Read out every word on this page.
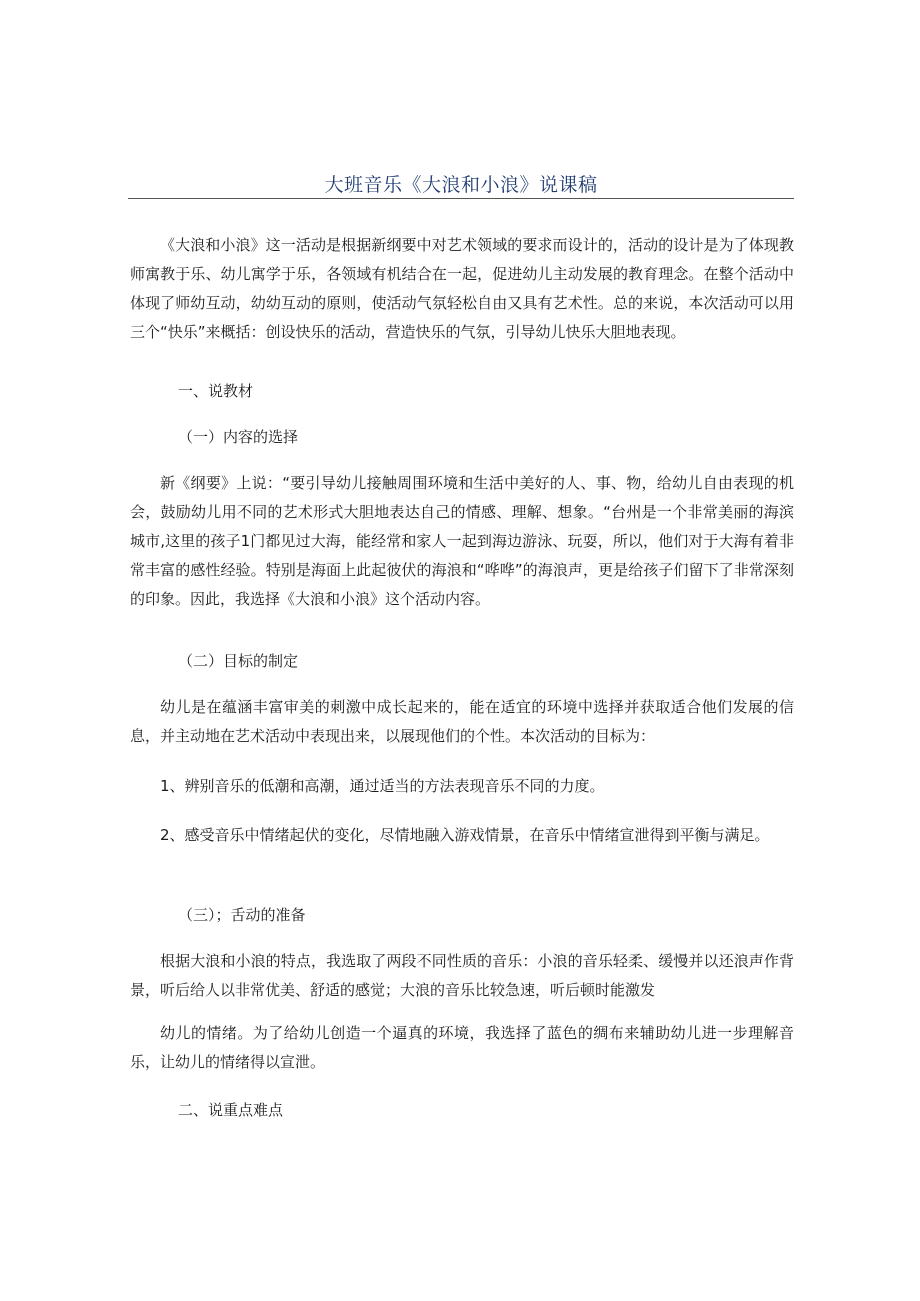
大班音乐《大浪和小浪》说课稿

《大浪和小浪》这一活动是根据新纲要中对艺术领域的要求而设计的，活动的设计是为了体现教师寓教于乐、幼儿寓学于乐，各领域有机结合在一起，促进幼儿主动发展的教育理念。在整个活动中体现了师幼互动，幼幼互动的原则，使活动气氛轻松自由又具有艺术性。总的来说，本次活动可以用三个“快乐”来概括：创设快乐的活动，营造快乐的气氛，引导幼儿快乐大胆地表现。

一、说教材

（一）内容的选择

新《纲要》上说：“要引导幼儿接触周围环境和生活中美好的人、事、物，给幼儿自由表现的机会，鼓励幼儿用不同的艺术形式大胆地表达自己的情感、理解、想象。“台州是一个非常美丽的海滨城市,这里的孩子1门都见过大海，能经常和家人一起到海边游泳、玩耍，所以，他们对于大海有着非常丰富的感性经验。特别是海面上此起彼伏的海浪和“哗哗”的海浪声，更是给孩子们留下了非常深刻的印象。因此，我选择《大浪和小浪》这个活动内容。

（二）目标的制定

幼儿是在蕴涵丰富审美的刺激中成长起来的，能在适宜的环境中选择并获取适合他们发展的信息，并主动地在艺术活动中表现出来，以展现他们的个性。本次活动的目标为：

1、辨别音乐的低潮和高潮，通过适当的方法表现音乐不同的力度。

2、感受音乐中情绪起伏的变化，尽情地融入游戏情景，在音乐中情绪宣泄得到平衡与满足。

（三）；舌动的准备

根据大浪和小浪的特点，我选取了两段不同性质的音乐：小浪的音乐轻柔、缓慢并以还浪声作背景，听后给人以非常优美、舒适的感觉；大浪的音乐比较急速，听后顿时能激发

幼儿的情绪。为了给幼儿创造一个逼真的环境，我选择了蓝色的绸布来辅助幼儿进一步理解音乐，让幼儿的情绪得以宣泄。

二、说重点难点
